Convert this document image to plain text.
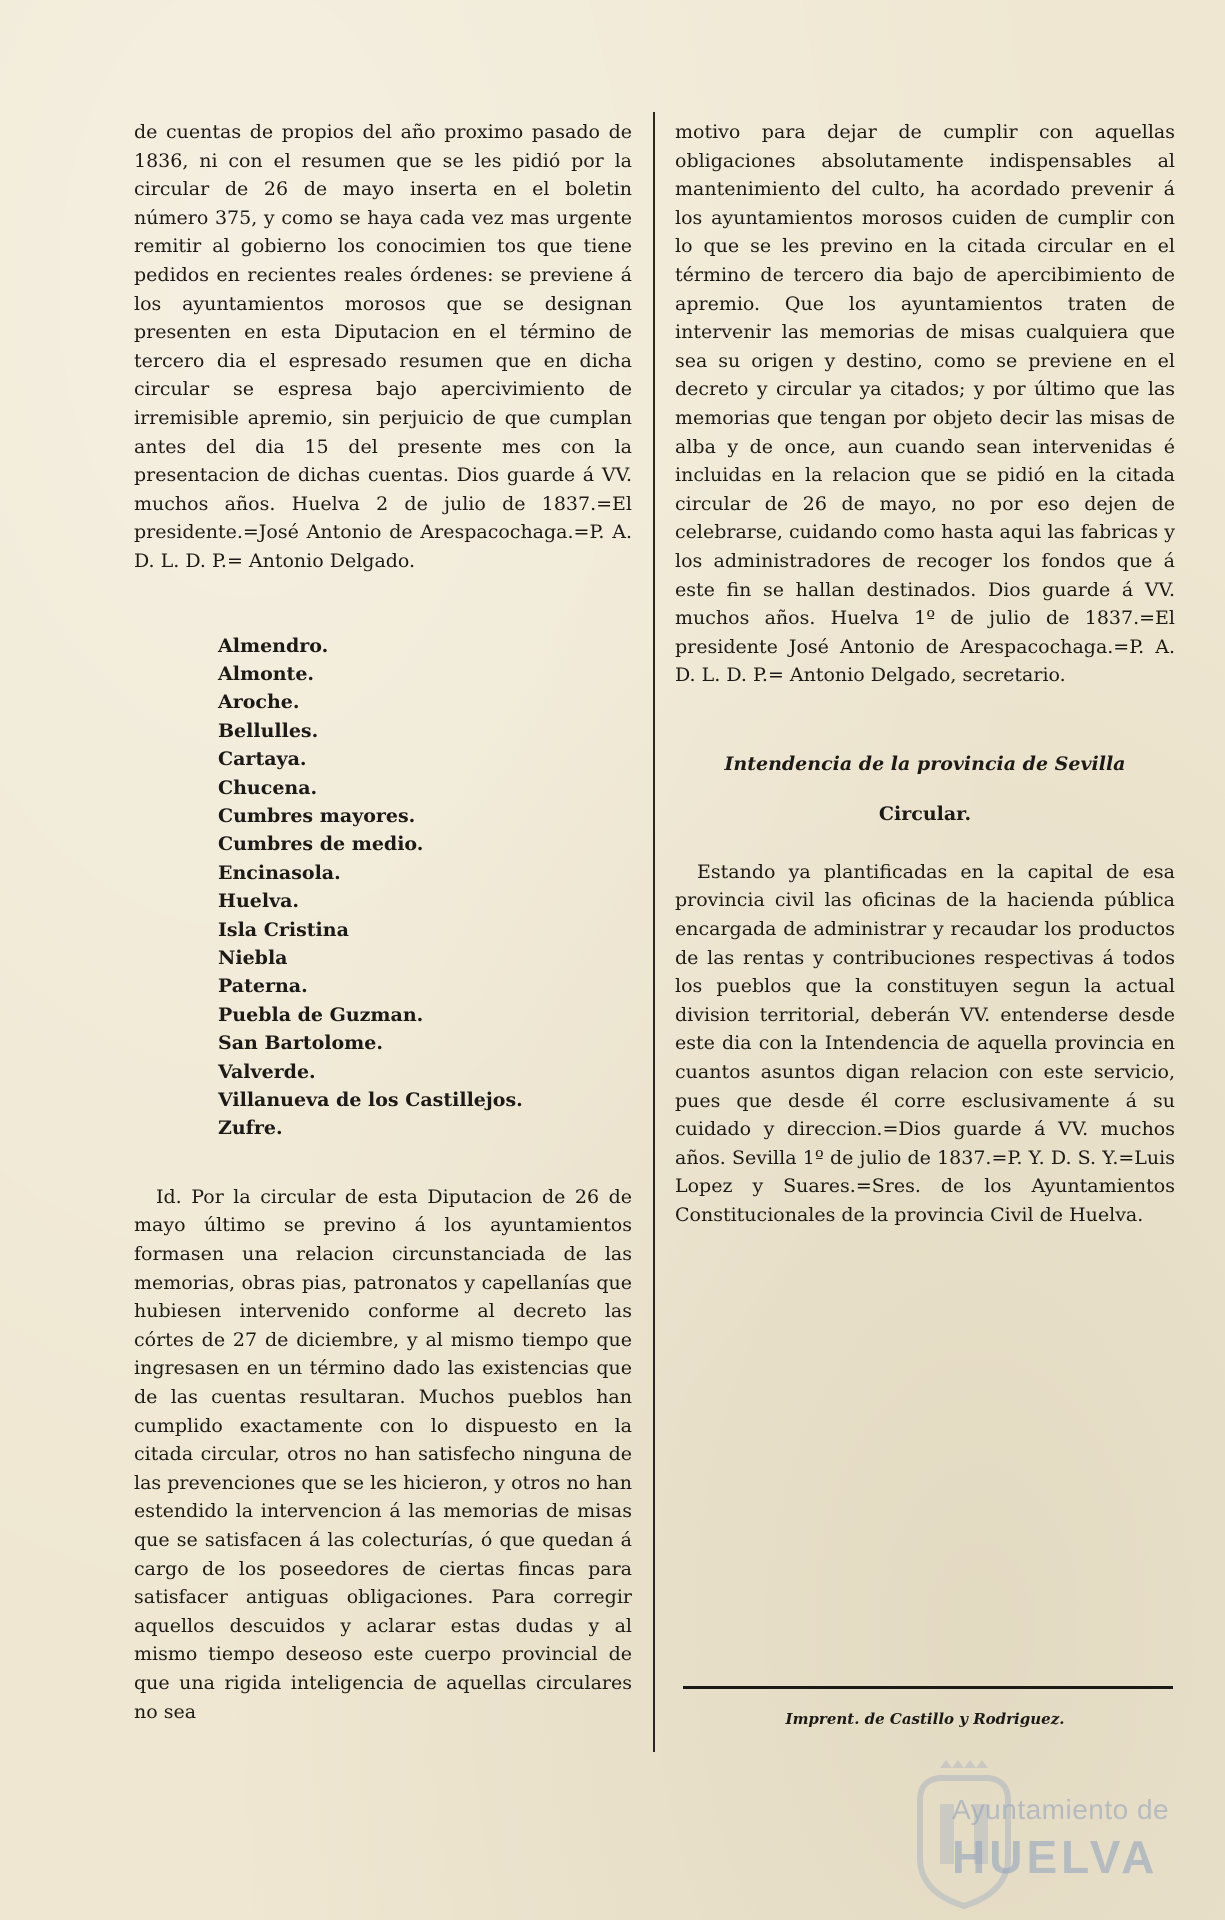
de cuentas de propios del año proximo pasado de 1836, ni con el resumen que se les pidió por la circular de 26 de mayo inserta en el boletin número 375, y como se haya cada vez mas urgente remitir al gobierno los conocimien tos que tiene pedidos en recientes reales órdenes: se previene á los ayuntamientos morosos que se designan presenten en esta Diputacion en el término de tercero dia el espresado resumen que en dicha circular se espresa bajo apercivimiento de irremisible apremio, sin perjuicio de que cumplan antes del dia 15 del presente mes con la presentacion de dichas cuentas. Dios guarde á VV. muchos años. Huelva 2 de julio de 1837.=El presidente.=José Antonio de Arespacochaga.=P. A. D. L. D. P.= Antonio Delgado.

Almendro.
Almonte.
Aroche.
Bellulles.
Cartaya.
Chucena.
Cumbres mayores.
Cumbres de medio.
Encinasola.
Huelva.
Isla Cristina
Niebla
Paterna.
Puebla de Guzman.
San Bartolome.
Valverde.
Villanueva de los Castillejos.
Zufre.

Id. Por la circular de esta Diputacion de 26 de mayo último se previno á los ayuntamientos formasen una relacion circunstanciada de las memorias, obras pias, patronatos y capellanías que hubiesen intervenido conforme al decreto las córtes de 27 de diciembre, y al mismo tiempo que ingresasen en un término dado las existencias que de las cuentas resultaran. Muchos pueblos han cumplido exactamente con lo dispuesto en la citada circular, otros no han satisfecho ninguna de las prevenciones que se les hicieron, y otros no han estendido la intervencion á las memorias de misas que se satisfacen á las colecturías, ó que quedan á cargo de los poseedores de ciertas fincas para satisfacer antiguas obligaciones. Para corregir aquellos descuidos y aclarar estas dudas y al mismo tiempo deseoso este cuerpo provincial de que una rigida inteligencia de aquellas circulares no sea

motivo para dejar de cumplir con aquellas obligaciones absolutamente indispensables al mantenimiento del culto, ha acordado prevenir á los ayuntamientos morosos cuiden de cumplir con lo que se les previno en la citada circular en el término de tercero dia bajo de apercibimiento de apremio. Que los ayuntamientos traten de intervenir las memorias de misas cualquiera que sea su origen y destino, como se previene en el decreto y circular ya citados; y por último que las memorias que tengan por objeto decir las misas de alba y de once, aun cuando sean intervenidas é incluidas en la relacion que se pidió en la citada circular de 26 de mayo, no por eso dejen de celebrarse, cuidando como hasta aqui las fabricas y los administradores de recoger los fondos que á este fin se hallan destinados. Dios guarde á VV. muchos años. Huelva 1º de julio de 1837.=El presidente José Antonio de Arespacochaga.=P. A. D. L. D. P.= Antonio Delgado, secretario.

Intendencia de la provincia de Sevilla
Circular.

Estando ya plantificadas en la capital de esa provincia civil las oficinas de la hacienda pública encargada de administrar y recaudar los productos de las rentas y contribuciones respectivas á todos los pueblos que la constituyen segun la actual division territorial, deberán VV. entenderse desde este dia con la Intendencia de aquella provincia en cuantos asuntos digan relacion con este servicio, pues que desde él corre esclusivamente á su cuidado y direccion.=Dios guarde á VV. muchos años. Sevilla 1º de julio de 1837.=P. Y. D. S. Y.=Luis Lopez y Suares.=Sres. de los Ayuntamientos Constitucionales de la provincia Civil de Huelva.

Imprent. de Castillo y Rodriguez.
Ayuntamiento de
HUELVA
